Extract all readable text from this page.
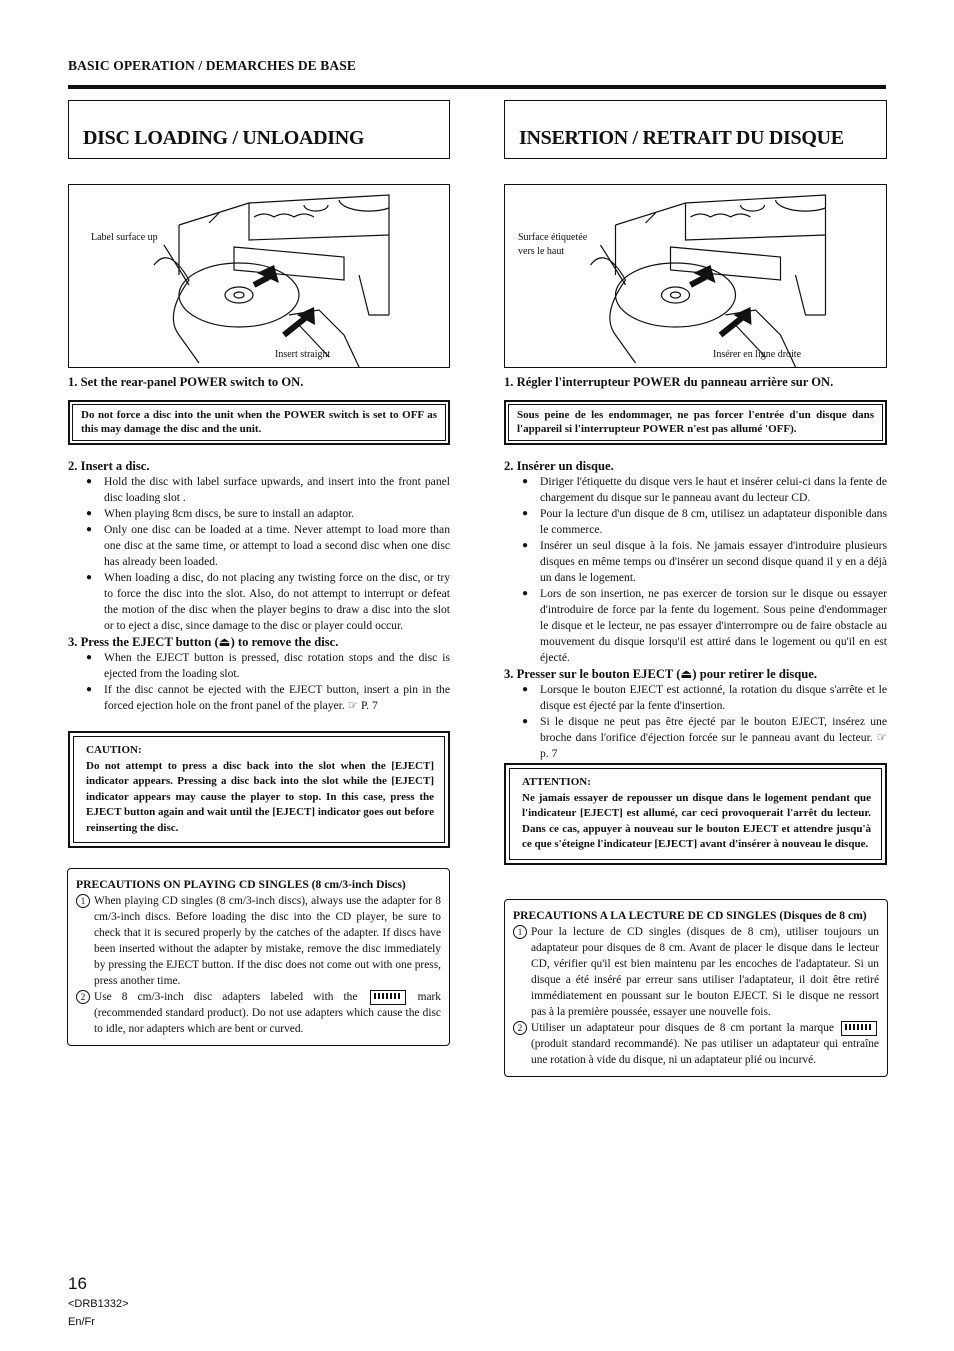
BASIC OPERATION / DEMARCHES DE BASE
DISC LOADING / UNLOADING	INSERTION / RETRAIT DU DISQUE
Label surface up
Insert straight
Surface étiquetée
vers le haut
Insérer en ligne droite

1. Set the rear-panel POWER switch to ON.

Do not force a disc into the unit when the POWER switch is set to OFF as this may damage the disc and the unit.

2. Insert a disc.

● Hold the disc with label surface upwards, and insert into the front panel disc loading slot .
● When playing 8cm discs, be sure to install an adaptor.
● Only one disc can be loaded at a time. Never attempt to load more than one disc at the same time, or attempt to load a second disc when one disc has already been loaded.
● When loading a disc, do not placing any twisting force on the disc, or try to force the disc into the slot. Also, do not attempt to interrupt or defeat the motion of the disc when the player begins to draw a disc into the slot or to eject a disc, since damage to the disc or player could occur.

3. Press the EJECT button (⏏) to remove the disc.

● When the EJECT button is pressed, disc rotation stops and the disc is ejected from the loading slot.
● If the disc cannot be ejected with the EJECT button, insert a pin in the forced ejection hole on the front panel of the player. ☞ P. 7
CAUTION:
Do not attempt to press a disc back into the slot when the [EJECT] indicator appears. Pressing a disc back into the slot while the [EJECT] indicator appears may cause the player to stop. In this case, press the EJECT button again and wait until the [EJECT] indicator goes out before reinserting the disc.
PRECAUTIONS ON PLAYING CD SINGLES (8 cm/3-inch Discs)
1 When playing CD singles (8 cm/3-inch discs), always use the adapter for 8 cm/3-inch discs. Before loading the disc into the CD player, be sure to check that it is secured properly by the catches of the adapter. If discs have been inserted without the adapter by mistake, remove the disc immediately by pressing the EJECT button. If the disc does not come out with one press, press another time.
2 Use 8 cm/3-inch disc adapters labeled with the	mark (recommended standard product). Do not use adapters which cause the disc to idle, nor adapters which are bent or curved.

1. Régler l'interrupteur POWER du panneau arrière sur ON.

Sous peine de les endommager, ne pas forcer l'entrée d'un disque dans l'appareil si l'interrupteur POWER n'est pas allumé 'OFF).

2. Insérer un disque.

● Diriger l'étiquette du disque vers le haut et insérer celui-ci dans la fente de chargement du disque sur le panneau avant du lecteur CD.
● Pour la lecture d'un disque de 8 cm, utilisez un adaptateur disponible dans le commerce.
● Insérer un seul disque à la fois. Ne jamais essayer d'introduire plusieurs disques en même temps ou d'insérer un second disque quand il y en a déjà un dans le logement.
● Lors de son insertion, ne pas exercer de torsion sur le disque ou essayer d'introduire de force par la fente du logement. Sous peine d'endommager le disque et le lecteur, ne pas essayer d'interrompre ou de faire obstacle au mouvement du disque lorsqu'il est attiré dans le logement ou qu'il en est éjecté.

3. Presser sur le bouton EJECT (⏏) pour retirer le disque.

● Lorsque le bouton EJECT est actionné, la rotation du disque s'arrête et le disque est éjecté par la fente d'insertion.
● Si le disque ne peut pas être éjecté par le bouton EJECT, insérez une broche dans l'orifice d'éjection forcée sur le panneau avant du lecteur. ☞ p. 7
ATTENTION:
Ne jamais essayer de repousser un disque dans le logement pendant que l'indicateur [EJECT] est allumé, car ceci provoquerait l'arrêt du lecteur. Dans ce cas, appuyer à nouveau sur le bouton EJECT et attendre jusqu'à ce que s'éteigne l'indicateur [EJECT] avant d'insérer à nouveau le disque.
PRECAUTIONS A LA LECTURE DE CD SINGLES (Disques de 8 cm)
1 Pour la lecture de CD singles (disques de 8 cm), utiliser toujours un adaptateur pour disques de 8 cm. Avant de placer le disque dans le lecteur CD, vérifier qu'il est bien maintenu par les encoches de l'adaptateur. Si un disque a été inséré par erreur sans utiliser l'adaptateur, il doit être retiré immédiatement en poussant sur le bouton EJECT. Si le disque ne ressort pas à la première poussée, essayer une nouvelle fois.
2 Utiliser un adaptateur pour disques de 8 cm portant la marque  (produit standard recommandé). Ne pas utiliser un adaptateur qui entraîne une rotation à vide du disque, ni un adaptateur plié ou incurvé.
16
<DRB1332>
En/Fr
